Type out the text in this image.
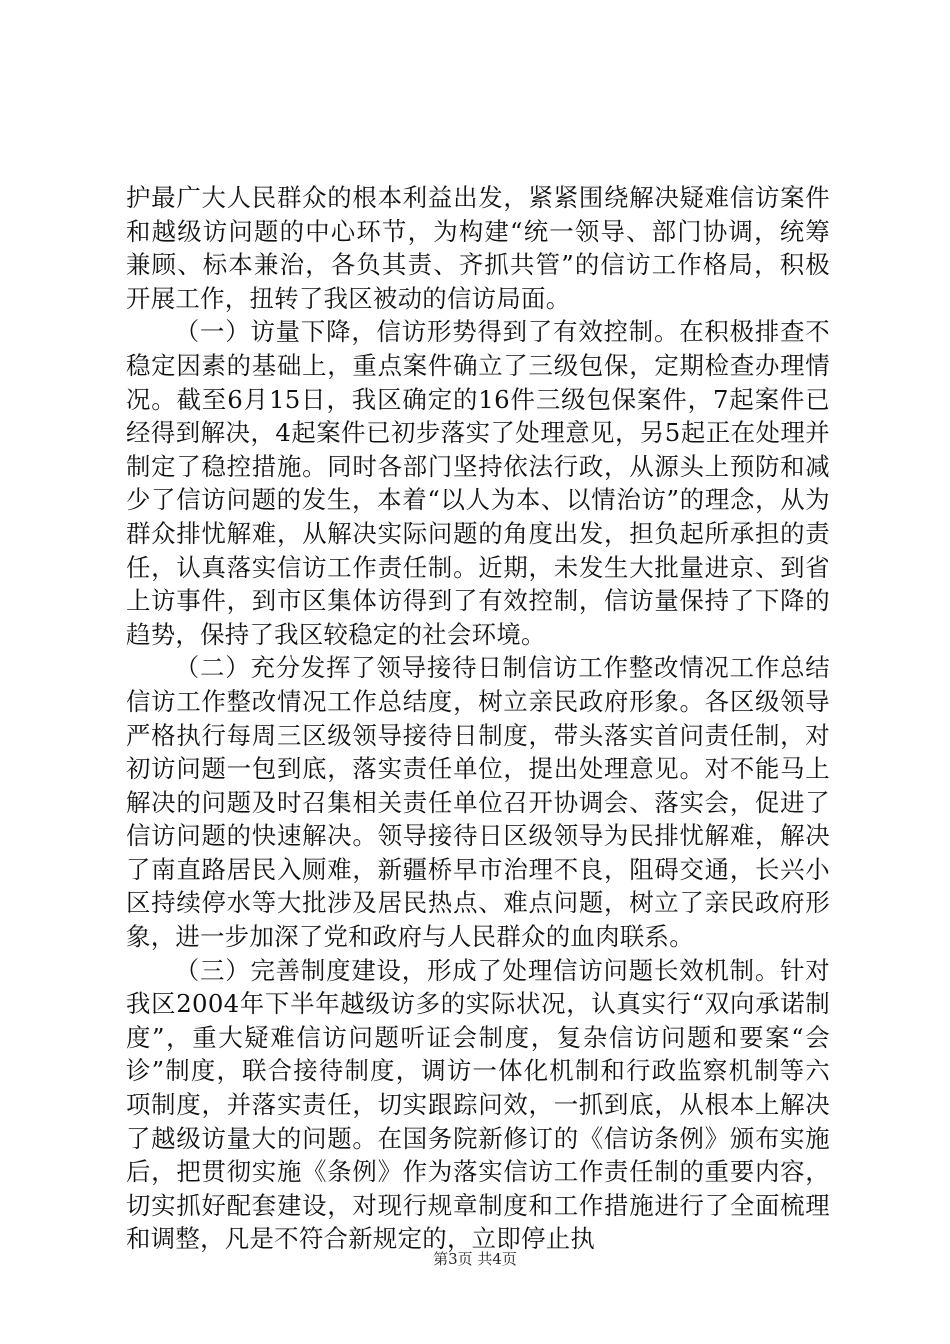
护最广大人民群众的根本利益出发，紧紧围绕解决疑难信访案件和越级访问题的中心环节，为构建“统一领导、部门协调，统筹兼顾、标本兼治，各负其责、齐抓共管”的信访工作格局，积极开展工作，扭转了我区被动的信访局面。

（一）访量下降，信访形势得到了有效控制。在积极排查不稳定因素的基础上，重点案件确立了三级包保，定期检查办理情况。截至6月15日，我区确定的16件三级包保案件，7起案件已经得到解决，4起案件已初步落实了处理意见，另5起正在处理并制定了稳控措施。同时各部门坚持依法行政，从源头上预防和减少了信访问题的发生，本着“以人为本、以情治访”的理念，从为群众排忧解难，从解决实际问题的角度出发，担负起所承担的责任，认真落实信访工作责任制。近期，未发生大批量进京、到省上访事件，到市区集体访得到了有效控制，信访量保持了下降的趋势，保持了我区较稳定的社会环境。

（二）充分发挥了领导接待日制信访工作整改情况工作总结信访工作整改情况工作总结度，树立亲民政府形象。各区级领导严格执行每周三区级领导接待日制度，带头落实首问责任制，对初访问题一包到底，落实责任单位，提出处理意见。对不能马上解决的问题及时召集相关责任单位召开协调会、落实会，促进了信访问题的快速解决。领导接待日区级领导为民排忧解难，解决了南直路居民入厕难，新疆桥早市治理不良，阻碍交通，长兴小区持续停水等大批涉及居民热点、难点问题，树立了亲民政府形象，进一步加深了党和政府与人民群众的血肉联系。

（三）完善制度建设，形成了处理信访问题长效机制。针对我区2004年下半年越级访多的实际状况，认真实行“双向承诺制度”，重大疑难信访问题听证会制度，复杂信访问题和要案“会诊”制度，联合接待制度，调访一体化机制和行政监察机制等六项制度，并落实责任，切实跟踪问效，一抓到底，从根本上解决了越级访量大的问题。在国务院新修订的《信访条例》颁布实施后，把贯彻实施《条例》作为落实信访工作责任制的重要内容，切实抓好配套建设，对现行规章制度和工作措施进行了全面梳理和调整，凡是不符合新规定的，立即停止执

第3页 共4页
